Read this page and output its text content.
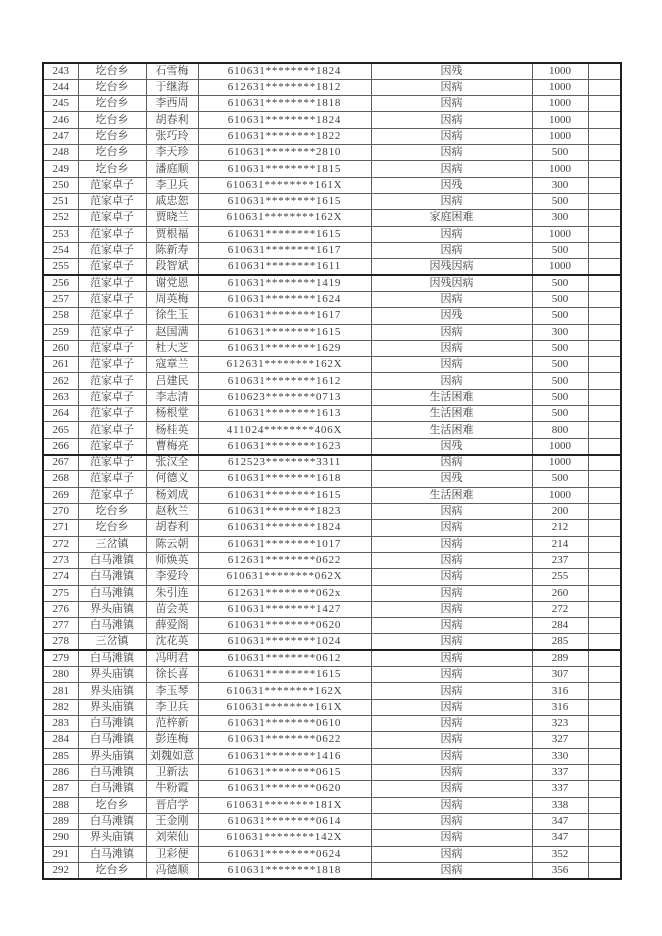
243	圪台乡	石雪梅	610631********1824	因残	1000	
244	圪台乡	于继海	612631********1812	因病	1000	
245	圪台乡	李西周	610631********1818	因病	1000	
246	圪台乡	胡春利	610631********1824	因病	1000	
247	圪台乡	张巧玲	610631********1822	因病	1000	
248	圪台乡	李天珍	610631********2810	因病	500	
249	圪台乡	潘庭顺	610631********1815	因病	1000	
250	范家卓子	李卫兵	610631********161X	因残	300	
251	范家卓子	戚忠恕	610631********1615	因病	500	
252	范家卓子	贾晓兰	610631********162X	家庭困难	300	
253	范家卓子	贾根福	610631********1615	因病	1000	
254	范家卓子	陈新寿	610631********1617	因病	500	
255	范家卓子	段智斌	610631********1611	因残因病	1000	
256	范家卓子	谢党恩	610631********1419	因残因病	500	
257	范家卓子	周英梅	610631********1624	因病	500	
258	范家卓子	徐生玉	610631********1617	因残	500	
259	范家卓子	赵国满	610631********1615	因病	300	
260	范家卓子	杜大芝	610631********1629	因病	500	
261	范家卓子	寇章兰	612631********162X	因病	500	
262	范家卓子	吕建民	610631********1612	因病	500	
263	范家卓子	李志清	610623********0713	生活困难	500	
264	范家卓子	杨根堂	610631********1613	生活困难	500	
265	范家卓子	杨桂英	411024********406X	生活困难	800	
266	范家卓子	曹梅亮	610631********1623	因残	1000	
267	范家卓子	张汉全	612523********3311	因病	1000	
268	范家卓子	何德义	610631********1618	因残	500	
269	范家卓子	杨刘成	610631********1615	生活困难	1000	
270	圪台乡	赵秋兰	610631********1823	因病	200	
271	圪台乡	胡春利	610631********1824	因病	212	
272	三岔镇	陈云朝	610631********1017	因病	214	
273	白马滩镇	师焕英	612631********0622	因病	237	
274	白马滩镇	李爱玲	610631********062X	因病	255	
275	白马滩镇	朱引连	612631********062x	因病	260	
276	界头庙镇	苗会英	610631********1427	因病	272	
277	白马滩镇	薛爱阁	610631********0620	因病	284	
278	三岔镇	沈花英	610631********1024	因病	285	
279	白马滩镇	冯明君	610631********0612	因病	289	
280	界头庙镇	徐长喜	610631********1615	因病	307	
281	界头庙镇	李玉琴	610631********162X	因病	316	
282	界头庙镇	李卫兵	610631********161X	因病	316	
283	白马滩镇	范梓新	610631********0610	因病	323	
284	白马滩镇	彭连梅	610631********0622	因病	327	
285	界头庙镇	刘魏如意	610631********1416	因病	330	
286	白马滩镇	卫新法	610631********0615	因病	337	
287	白马滩镇	牛粉霞	610631********0620	因病	337	
288	圪台乡	晋启学	610631********181X	因病	338	
289	白马滩镇	王金刚	610631********0614	因病	347	
290	界头庙镇	刘荣仙	610631********142X	因病	347	
291	白马滩镇	卫彩便	610631********0624	因病	352	
292	圪台乡	冯德顺	610631********1818	因病	356	
